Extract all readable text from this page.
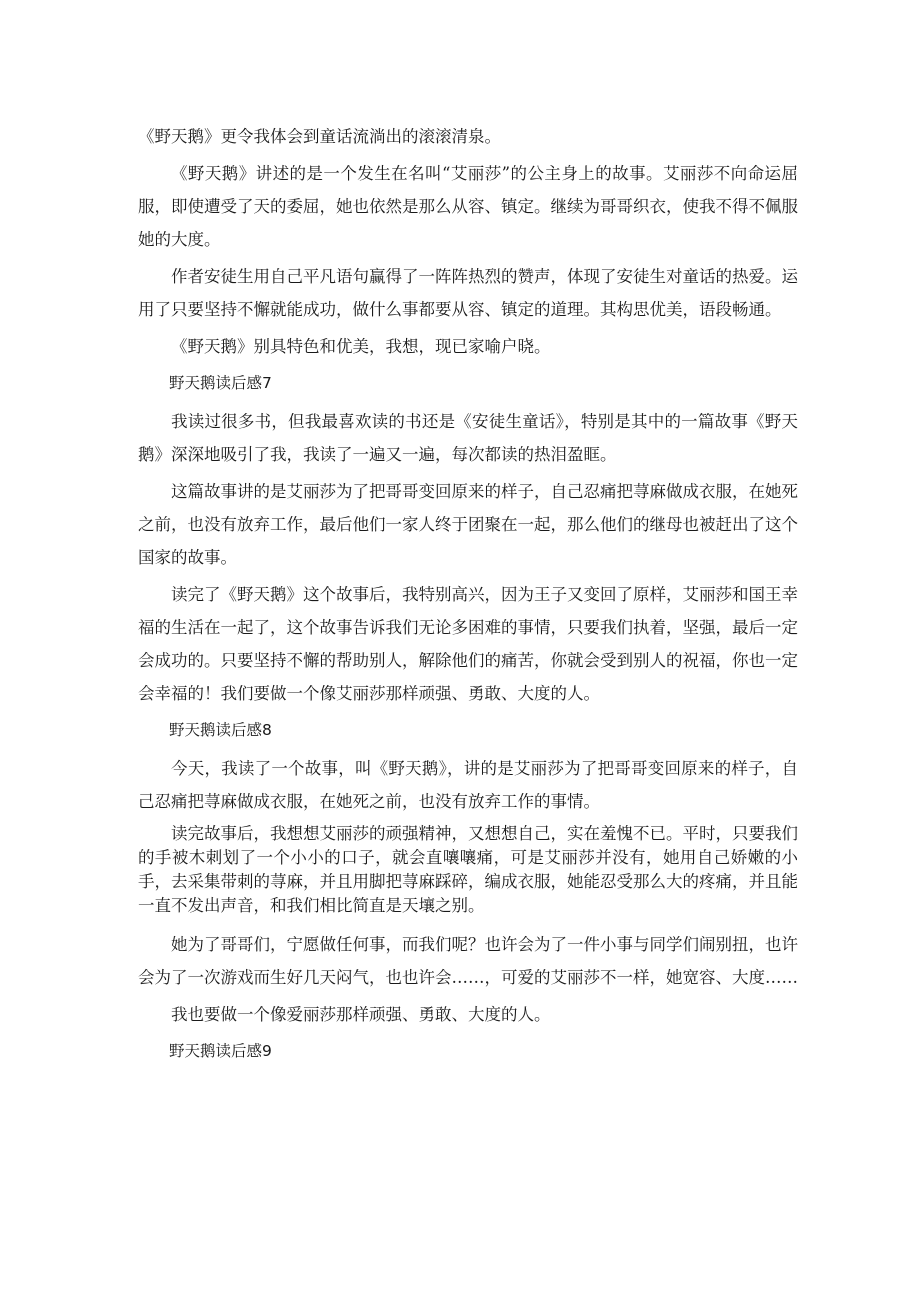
《野天鹅》更令我体会到童话流淌出的滚滚清泉。

《野天鹅》讲述的是一个发生在名叫“艾丽莎”的公主身上的故事。艾丽莎不向命运屈服，即使遭受了天的委屈，她也依然是那么从容、镇定。继续为哥哥织衣，使我不得不佩服她的大度。

作者安徒生用自己平凡语句赢得了一阵阵热烈的赞声，体现了安徒生对童话的热爱。运用了只要坚持不懈就能成功，做什么事都要从容、镇定的道理。其构思优美，语段畅通。

《野天鹅》别具特色和优美，我想，现已家喻户晓。

野天鹅读后感7

我读过很多书，但我最喜欢读的书还是《安徒生童话》，特别是其中的一篇故事《野天鹅》深深地吸引了我，我读了一遍又一遍，每次都读的热泪盈眶。

这篇故事讲的是艾丽莎为了把哥哥变回原来的样子，自己忍痛把荨麻做成衣服，在她死之前，也没有放弃工作，最后他们一家人终于团聚在一起，那么他们的继母也被赶出了这个国家的故事。

读完了《野天鹅》这个故事后，我特别高兴，因为王子又变回了原样，艾丽莎和国王幸福的生活在一起了，这个故事告诉我们无论多困难的事情，只要我们执着，坚强，最后一定会成功的。只要坚持不懈的帮助别人，解除他们的痛苦，你就会受到别人的祝福，你也一定会幸福的！我们要做一个像艾丽莎那样顽强、勇敢、大度的人。

野天鹅读后感8

今天，我读了一个故事，叫《野天鹅》，讲的是艾丽莎为了把哥哥变回原来的样子，自己忍痛把荨麻做成衣服，在她死之前，也没有放弃工作的事情。

读完故事后，我想想艾丽莎的顽强精神，又想想自己，实在羞愧不已。平时，只要我们的手被木刺划了一个小小的口子，就会直嚷嚷痛，可是艾丽莎并没有，她用自己娇嫩的小手，去采集带刺的荨麻，并且用脚把荨麻踩碎，编成衣服，她能忍受那么大的疼痛，并且能一直不发出声音，和我们相比简直是天壤之别。

她为了哥哥们，宁愿做任何事，而我们呢？也许会为了一件小事与同学们闹别扭，也许会为了一次游戏而生好几天闷气，也也许会……，可爱的艾丽莎不一样，她宽容、大度……

我也要做一个像爱丽莎那样顽强、勇敢、大度的人。

野天鹅读后感9
